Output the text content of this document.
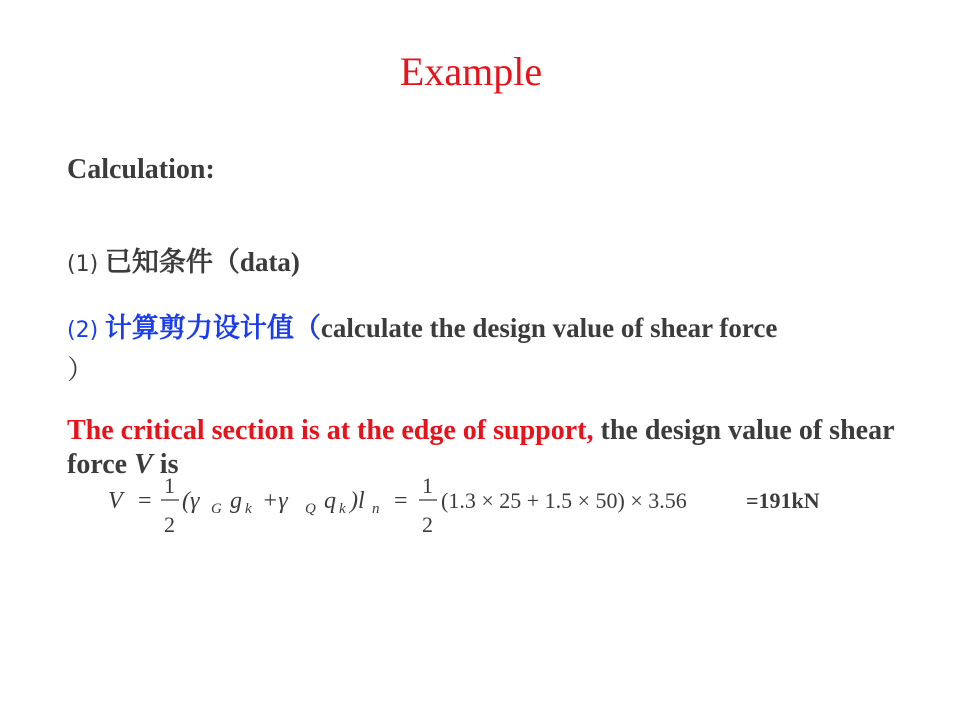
Example
Calculation:
(1) 已知条件（data)
(2) 计算剪力设计值（calculate the design value of shear force
）
The critical section is at the edge of support, the design value of shear force V is
V =
1
2
(γ G g k +γ Q q k )l n =
1
2
(1.3 × 25 + 1.5 × 50) × 3.56	=191kN
